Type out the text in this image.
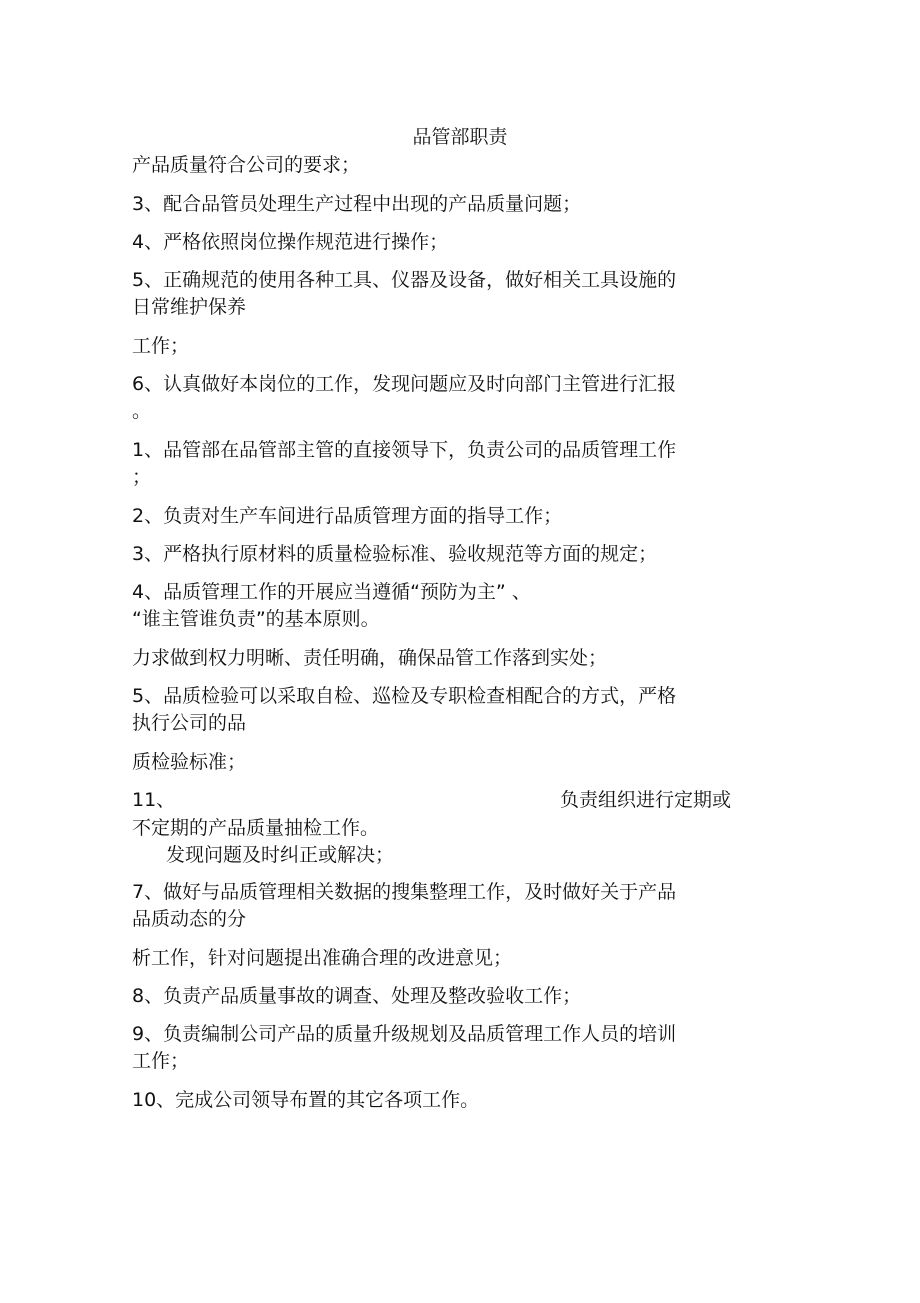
品管部职责
产品质量符合公司的要求；
3、配合品管员处理生产过程中出现的产品质量问题；
4、严格依照岗位操作规范进行操作；
5、正确规范的使用各种工具、仪器及设备，做好相关工具设施的
日常维护保养
工作；
6、认真做好本岗位的工作，发现问题应及时向部门主管进行汇报
。
1、品管部在品管部主管的直接领导下，负责公司的品质管理工作
；
2、负责对生产车间进行品质管理方面的指导工作；
3、严格执行原材料的质量检验标准、验收规范等方面的规定；
4、品质管理工作的开展应当遵循“预防为主” 、
“谁主管谁负责”的基本原则。
力求做到权力明晰、责任明确，确保品管工作落到实处；
5、品质检验可以采取自检、巡检及专职检查相配合的方式，严格
执行公司的品
质检验标准；
11、	负责组织进行定期或
不定期的产品质量抽检工作。
发现问题及时纠正或解决；
7、做好与品质管理相关数据的搜集整理工作，及时做好关于产品
品质动态的分
析工作，针对问题提出准确合理的改进意见；
8、负责产品质量事故的调查、处理及整改验收工作；
9、负责编制公司产品的质量升级规划及品质管理工作人员的培训
工作；
10、完成公司领导布置的其它各项工作。
